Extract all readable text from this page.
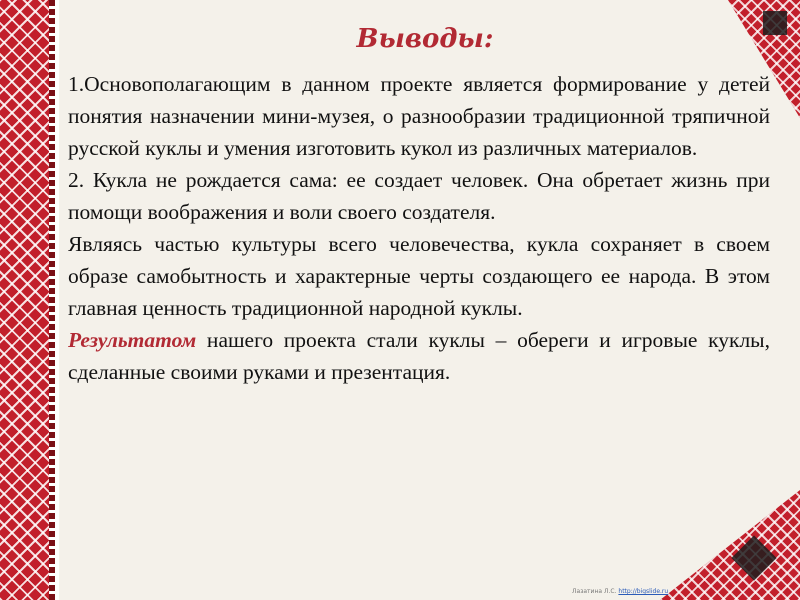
Выводы:

1.Основополагающим в данном проекте является формирование у детей понятия назначении мини-музея, о разнообразии традиционной тряпичной русской куклы и умения изготовить кукол из различных материалов.

2. Кукла не рождается сама: ее создает человек. Она обретает жизнь при помощи воображения и воли своего создателя.

Являясь частью культуры всего человечества, кукла сохраняет в своем образе самобытность и характерные черты создающего ее народа. В этом главная ценность традиционной народной куклы.

Результатом нашего проекта стали куклы – обереги и игровые куклы, сделанные своими руками и презентация.

Лазатина Л.С. http://bigslide.ru
